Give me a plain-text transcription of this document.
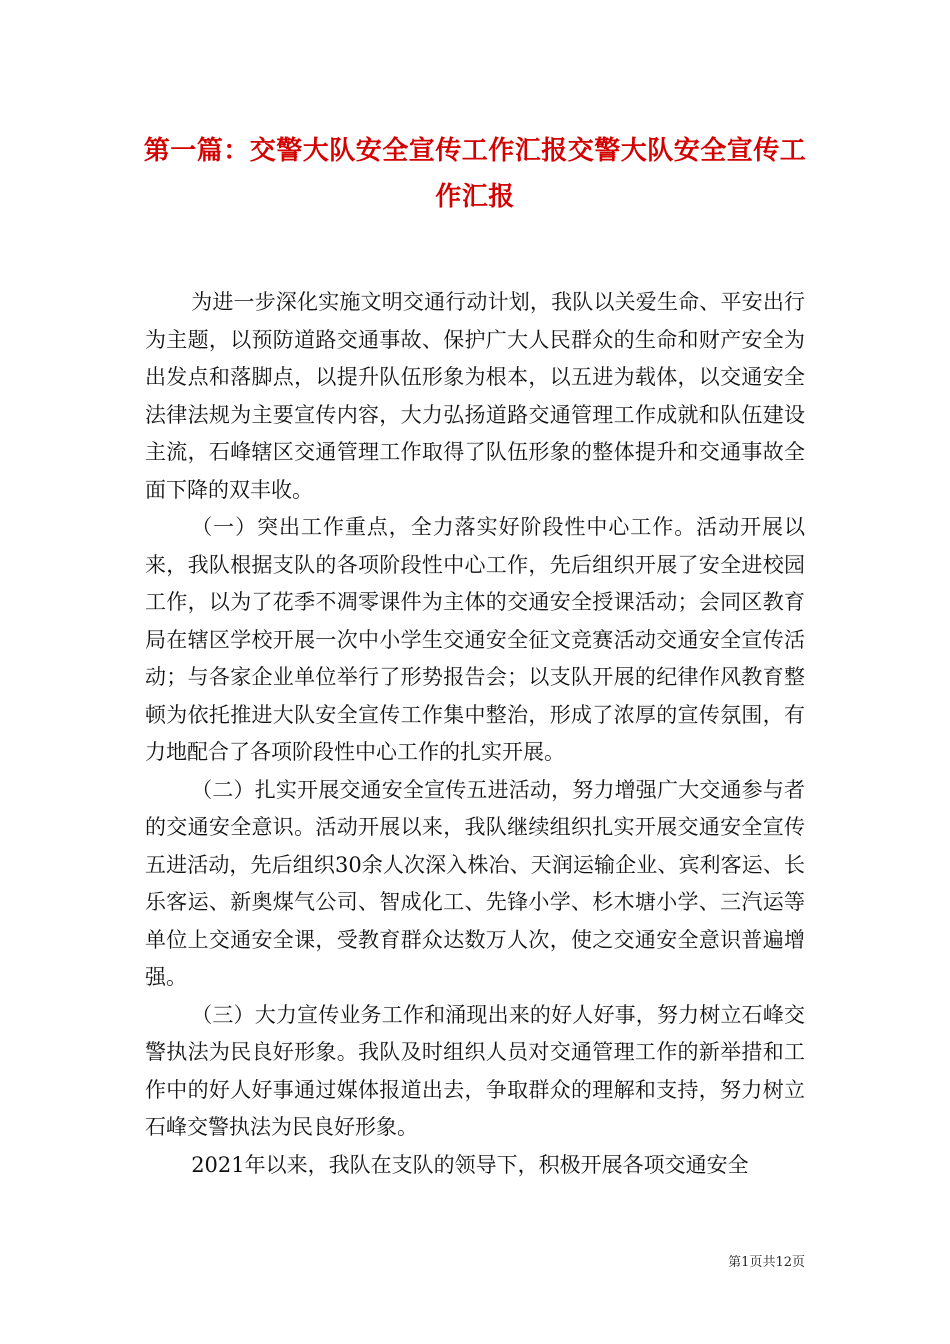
第一篇：交警大队安全宣传工作汇报交警大队安全宣传工作汇报

为进一步深化实施文明交通行动计划，我队以关爱生命、平安出行为主题，以预防道路交通事故、保护广大人民群众的生命和财产安全为出发点和落脚点，以提升队伍形象为根本，以五进为载体，以交通安全法律法规为主要宣传内容，大力弘扬道路交通管理工作成就和队伍建设主流，石峰辖区交通管理工作取得了队伍形象的整体提升和交通事故全面下降的双丰收。

（一）突出工作重点，全力落实好阶段性中心工作。活动开展以来，我队根据支队的各项阶段性中心工作，先后组织开展了安全进校园工作，以为了花季不凋零课件为主体的交通安全授课活动；会同区教育局在辖区学校开展一次中小学生交通安全征文竞赛活动交通安全宣传活动；与各家企业单位举行了形势报告会；以支队开展的纪律作风教育整顿为依托推进大队安全宣传工作集中整治，形成了浓厚的宣传氛围，有力地配合了各项阶段性中心工作的扎实开展。

（二）扎实开展交通安全宣传五进活动，努力增强广大交通参与者的交通安全意识。活动开展以来，我队继续组织扎实开展交通安全宣传五进活动，先后组织30余人次深入株冶、天润运输企业、宾利客运、长乐客运、新奥煤气公司、智成化工、先锋小学、杉木塘小学、三汽运等单位上交通安全课，受教育群众达数万人次，使之交通安全意识普遍增强。

（三）大力宣传业务工作和涌现出来的好人好事，努力树立石峰交警执法为民良好形象。我队及时组织人员对交通管理工作的新举措和工作中的好人好事通过媒体报道出去，争取群众的理解和支持，努力树立石峰交警执法为民良好形象。

2021年以来，我队在支队的领导下，积极开展各项交通安全

第1页共12页
